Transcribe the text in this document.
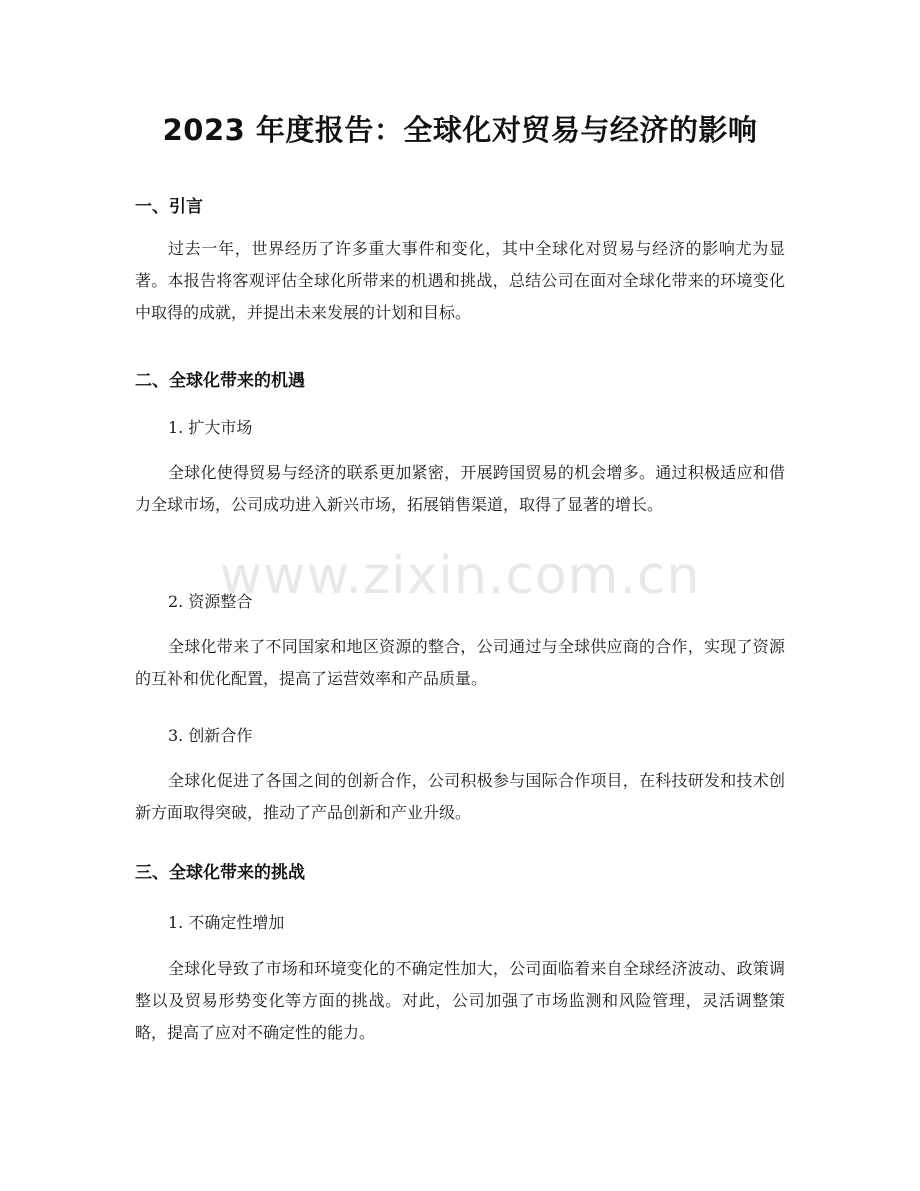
2023 年度报告：全球化对贸易与经济的影响
一、引言

过去一年，世界经历了许多重大事件和变化，其中全球化对贸易与经济的影响尤为显著。本报告将客观评估全球化所带来的机遇和挑战，总结公司在面对全球化带来的环境变化中取得的成就，并提出未来发展的计划和目标。

二、全球化带来的机遇
1. 扩大市场

全球化使得贸易与经济的联系更加紧密，开展跨国贸易的机会增多。通过积极适应和借力全球市场，公司成功进入新兴市场，拓展销售渠道，取得了显著的增长。

2. 资源整合

全球化带来了不同国家和地区资源的整合，公司通过与全球供应商的合作，实现了资源的互补和优化配置，提高了运营效率和产品质量。

3. 创新合作

全球化促进了各国之间的创新合作，公司积极参与国际合作项目，在科技研发和技术创新方面取得突破，推动了产品创新和产业升级。

三、全球化带来的挑战
1. 不确定性增加

全球化导致了市场和环境变化的不确定性加大，公司面临着来自全球经济波动、政策调整以及贸易形势变化等方面的挑战。对此，公司加强了市场监测和风险管理，灵活调整策略，提高了应对不确定性的能力。

www.zixin.com.cn
